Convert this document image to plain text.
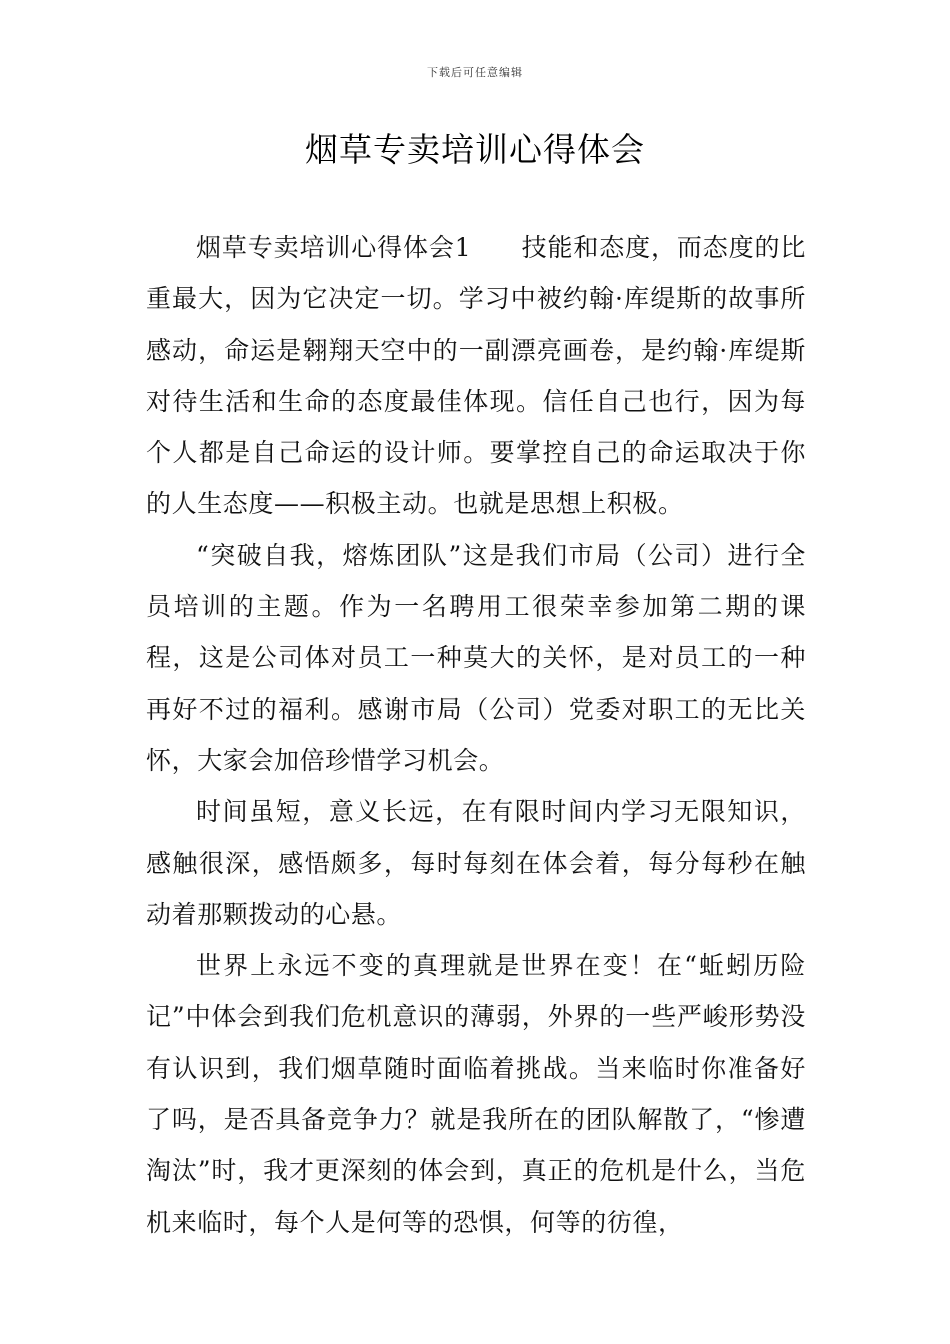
下载后可任意编辑
烟草专卖培训心得体会

烟草专卖培训心得体会1 技能和态度，而态度的比重最大，因为它决定一切。学习中被约翰·库缇斯的故事所感动，命运是翱翔天空中的一副漂亮画卷，是约翰·库缇斯对待生活和生命的态度最佳体现。信任自己也行，因为每个人都是自己命运的设计师。要掌控自己的命运取决于你的人生态度——积极主动。也就是思想上积极。

“突破自我，熔炼团队”这是我们市局（公司）进行全员培训的主题。作为一名聘用工很荣幸参加第二期的课程，这是公司体对员工一种莫大的关怀，是对员工的一种再好不过的福利。感谢市局（公司）党委对职工的无比关怀，大家会加倍珍惜学习机会。

时间虽短，意义长远，在有限时间内学习无限知识，感触很深，感悟颇多，每时每刻在体会着，每分每秒在触动着那颗拨动的心悬。

世界上永远不变的真理就是世界在变！在“蚯蚓历险记”中体会到我们危机意识的薄弱，外界的一些严峻形势没有认识到，我们烟草随时面临着挑战。当来临时你准备好了吗，是否具备竞争力？就是我所在的团队解散了，“惨遭淘汰”时，我才更深刻的体会到，真正的危机是什么，当危机来临时，每个人是何等的恐惧，何等的彷徨，
